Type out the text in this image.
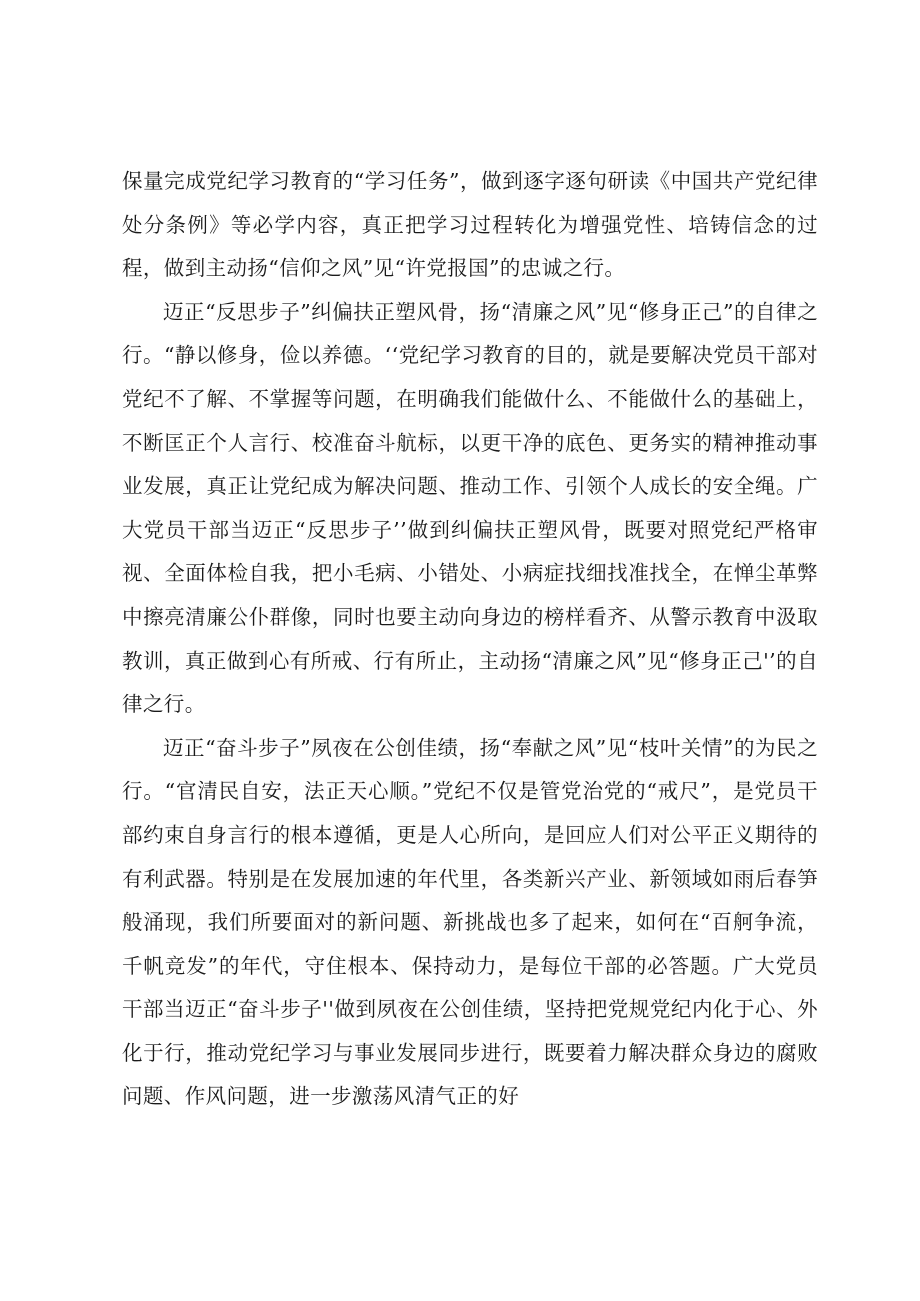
保量完成党纪学习教育的“学习任务”，做到逐字逐句研读《中国共产党纪律处分条例》等必学内容，真正把学习过程转化为增强党性、培铸信念的过程，做到主动扬“信仰之风”见“许党报国”的忠诚之行。

迈正“反思步子”纠偏扶正塑风骨，扬“清廉之风”见“修身正己”的自律之行。“静以修身，俭以养德。‘‘党纪学习教育的目的，就是要解决党员干部对党纪不了解、不掌握等问题，在明确我们能做什么、不能做什么的基础上，不断匡正个人言行、校准奋斗航标，以更干净的底色、更务实的精神推动事业发展，真正让党纪成为解决问题、推动工作、引领个人成长的安全绳。广大党员干部当迈正“反思步子’’做到纠偏扶正塑风骨，既要对照党纪严格审视、全面体检自我，把小毛病、小错处、小病症找细找准找全，在惮尘革弊中擦亮清廉公仆群像，同时也要主动向身边的榜样看齐、从警示教育中汲取教训，真正做到心有所戒、行有所止，主动扬“清廉之风”见“修身正己'’的自律之行。

迈正“奋斗步子”夙夜在公创佳绩，扬“奉献之风”见“枝叶关情”的为民之行。“官清民自安，法正天心顺。”党纪不仅是管党治党的“戒尺”，是党员干部约束自身言行的根本遵循，更是人心所向，是回应人们对公平正义期待的有利武器。特别是在发展加速的年代里，各类新兴产业、新领域如雨后春笋般涌现，我们所要面对的新问题、新挑战也多了起来，如何在“百舸争流，千帆竞发”的年代，守住根本、保持动力，是每位干部的必答题。广大党员干部当迈正“奋斗步子''做到夙夜在公创佳绩，坚持把党规党纪内化于心、外化于行，推动党纪学习与事业发展同步进行，既要着力解决群众身边的腐败问题、作风问题，进一步激荡风清气正的好
